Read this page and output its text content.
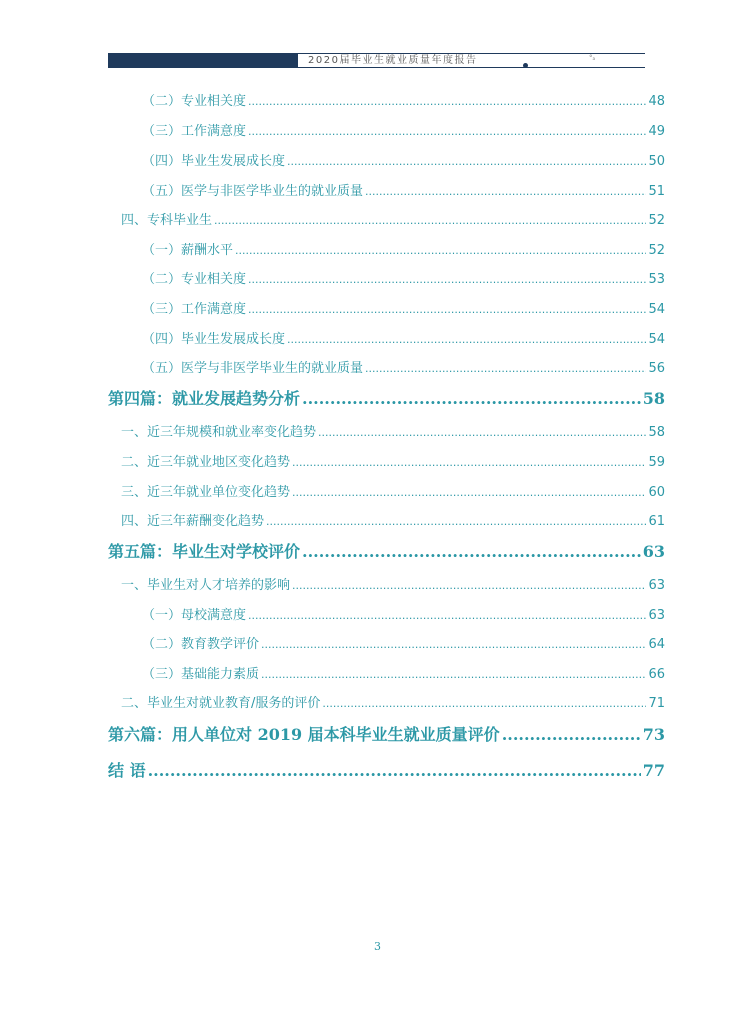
2020届毕业生就业质量年度报告	°ₐ
（二）专业相关度 .....	48
（三）工作满意度 .....	49
（四）毕业生发展成长度 .....	50
（五）医学与非医学毕业生的就业质量 .....	51
四、专科毕业生 .....	52
（一）薪酬水平 .....	52
（二）专业相关度 .....	53
（三）工作满意度 .....	54
（四）毕业生发展成长度 .....	54
（五）医学与非医学毕业生的就业质量 .....	56
第四篇：就业发展趋势分析 .....	58
一、近三年规模和就业率变化趋势 .....	58
二、近三年就业地区变化趋势 .....	59
三、近三年就业单位变化趋势 .....	60
四、近三年薪酬变化趋势 .....	61
第五篇：毕业生对学校评价 .....	63
一、毕业生对人才培养的影响 .....	63
（一）母校满意度 .....	63
（二）教育教学评价 .....	64
（三）基础能力素质 .....	66
二、毕业生对就业教育/服务的评价 .....	71
第六篇：用人单位对 2019 届本科毕业生就业质量评价 .....	73
结 语 .....	77
3
